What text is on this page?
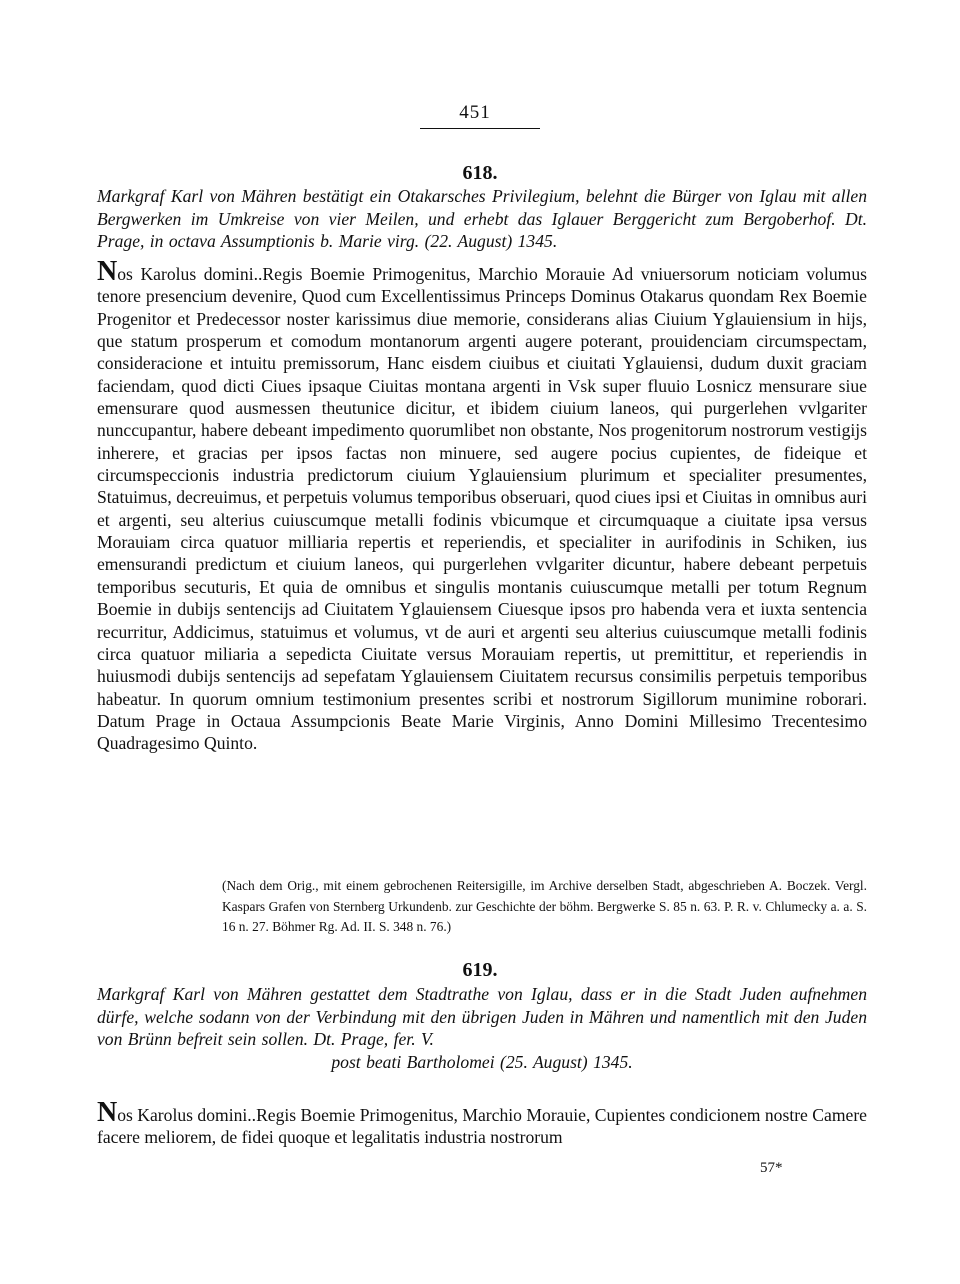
451
618.
Markgraf Karl von Mähren bestätigt ein Otakarsches Privilegium, belehnt die Bürger von Iglau mit allen Bergwerken im Umkreise von vier Meilen, und erhebt das Iglauer Berggericht zum Bergoberhof. Dt. Prage, in octava Assumptionis b. Marie virg. (22. August) 1345.
Nos Karolus domini..Regis Boemie Primogenitus, Marchio Morauie Ad vniuersorum noticiam volumus tenore presencium devenire, Quod cum Excellentissimus Princeps Dominus Otakarus quondam Rex Boemie Progenitor et Predecessor noster karissimus diue memorie, considerans alias Ciuium Yglauiensium in hijs, que statum prosperum et comodum montanorum argenti augere poterant, prouidenciam circumspectam, consideracione et intuitu premissorum, Hanc eisdem ciuibus et ciuitati Yglauiensi, dudum duxit graciam faciendam, quod dicti Ciues ipsaque Ciuitas montana argenti in Vsk super fluuio Losnicz mensurare siue emensurare quod ausmessen theutunice dicitur, et ibidem ciuium laneos, qui purgerlehen vvlgariter nunccupantur, habere debeant impedimento quorumlibet non obstante, Nos progenitorum nostrorum vestigijs inherere, et gracias per ipsos factas non minuere, sed augere pocius cupientes, de fideique et circumspeccionis industria predictorum ciuium Yglauiensium plurimum et specialiter presumentes, Statuimus, decreuimus, et perpetuis volumus temporibus obseruari, quod ciues ipsi et Ciuitas in omnibus auri et argenti, seu alterius cuiuscumque metalli fodinis vbicumque et circumquaque a ciuitate ipsa versus Morauiam circa quatuor milliaria repertis et reperiendis, et specialiter in aurifodinis in Schiken, ius emensurandi predictum et ciuium laneos, qui purgerlehen vvlgariter dicuntur, habere debeant perpetuis temporibus secuturis, Et quia de omnibus et singulis montanis cuiuscumque metalli per totum Regnum Boemie in dubijs sentencijs ad Ciuitatem Yglauiensem Ciuesque ipsos pro habenda vera et iuxta sentencia recurritur, Addicimus, statuimus et volumus, vt de auri et argenti seu alterius cuiuscumque metalli fodinis circa quatuor miliaria a sepedicta Ciuitate versus Morauiam repertis, ut premittitur, et reperiendis in huiusmodi dubijs sentencijs ad sepefatam Yglauiensem Ciuitatem recursus consimilis perpetuis temporibus habeatur. In quorum omnium testimonium presentes scribi et nostrorum Sigillorum munimine roborari. Datum Prage in Octaua Assumpcionis Beate Marie Virginis, Anno Domini Millesimo Trecentesimo Quadragesimo Quinto.
(Nach dem Orig., mit einem gebrochenen Reitersigille, im Archive derselben Stadt, abgeschrieben A. Boczek. Vergl. Kaspars Grafen von Sternberg Urkundenb. zur Geschichte der böhm. Bergwerke S. 85 n. 63. P. R. v. Chlumecky a. a. S. 16 n. 27. Böhmer Rg. Ad. II. S. 348 n. 76.)
619.
Markgraf Karl von Mähren gestattet dem Stadtrathe von Iglau, dass er in die Stadt Juden aufnehmen dürfe, welche sodann von der Verbindung mit den übrigen Juden in Mähren und namentlich mit den Juden von Brünn befreit sein sollen. Dt. Prage, fer. V.
post beati Bartholomei (25. August) 1345.
Nos Karolus domini..Regis Boemie Primogenitus, Marchio Morauie, Cupientes condicionem nostre Camere facere meliorem, de fidei quoque et legalitatis industria nostrorum
57*
